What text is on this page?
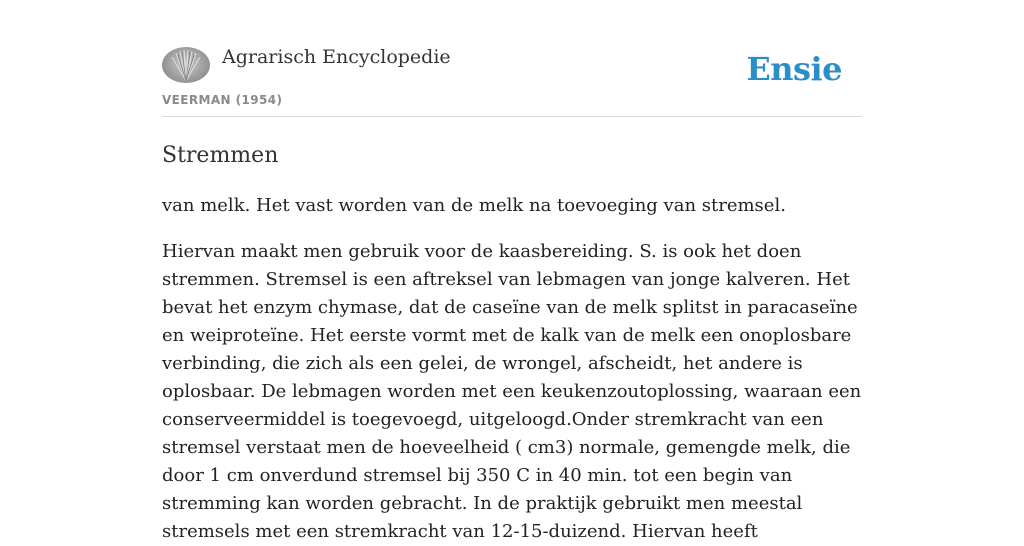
Agrarisch Encyclopedie
VEERMAN (1954)
Ensie
Stremmen

van melk. Het vast worden van de melk na toevoeging van stremsel.

Hiervan maakt men gebruik voor de kaasbereiding. S. is ook het doen stremmen. Stremsel is een aftreksel van lebmagen van jonge kalveren. Het bevat het enzym chymase, dat de caseïne van de melk splitst in paracaseïne en weiproteïne. Het eerste vormt met de kalk van de melk een onoplosbare verbinding, die zich als een gelei, de wrongel, afscheidt, het andere is oplosbaar. De lebmagen worden met een keukenzoutoplossing, waaraan een conserveermiddel is toegevoegd, uitgeloogd.Onder stremkracht van een stremsel verstaat men de hoeveelheid ( cm3) normale, gemengde melk, die door 1 cm onverdund stremsel bij 350 C in 40 min. tot een begin van stremming kan worden gebracht. In de praktijk gebruikt men meestal stremsels met een stremkracht van 12-15-duizend. Hiervan heeft
